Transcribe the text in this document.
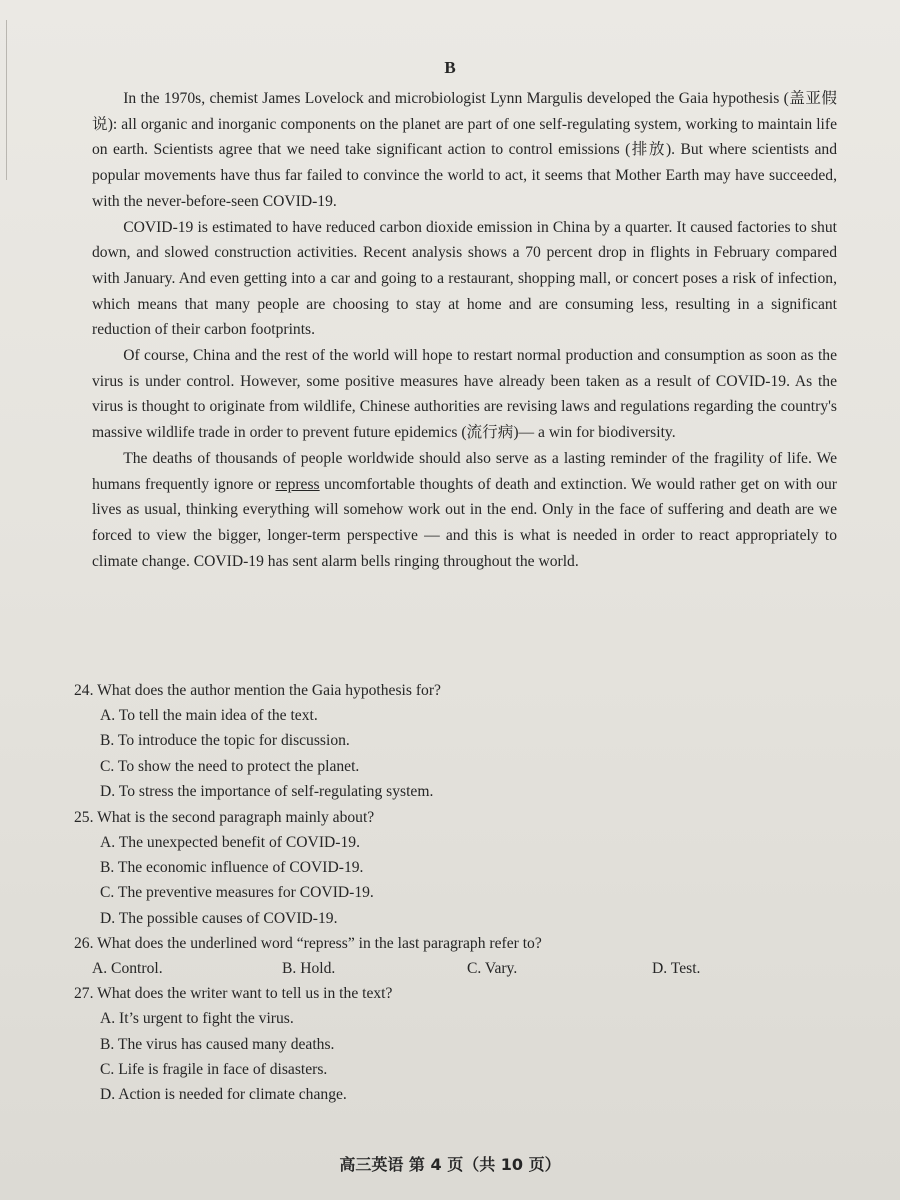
B

In the 1970s, chemist James Lovelock and microbiologist Lynn Margulis developed the Gaia hypothesis (盖亚假说): all organic and inorganic components on the planet are part of one self-regulating system, working to maintain life on earth. Scientists agree that we need take significant action to control emissions (排放). But where scientists and popular movements have thus far failed to convince the world to act, it seems that Mother Earth may have succeeded, with the never-before-seen COVID-19.

COVID-19 is estimated to have reduced carbon dioxide emission in China by a quarter. It caused factories to shut down, and slowed construction activities. Recent analysis shows a 70 percent drop in flights in February compared with January. And even getting into a car and going to a restaurant, shopping mall, or concert poses a risk of infection, which means that many people are choosing to stay at home and are consuming less, resulting in a significant reduction of their carbon footprints.

Of course, China and the rest of the world will hope to restart normal production and consumption as soon as the virus is under control. However, some positive measures have already been taken as a result of COVID-19. As the virus is thought to originate from wildlife, Chinese authorities are revising laws and regulations regarding the country's massive wildlife trade in order to prevent future epidemics (流行病)— a win for biodiversity.

The deaths of thousands of people worldwide should also serve as a lasting reminder of the fragility of life. We humans frequently ignore or repress uncomfortable thoughts of death and extinction. We would rather get on with our lives as usual, thinking everything will somehow work out in the end. Only in the face of suffering and death are we forced to view the bigger, longer-term perspective — and this is what is needed in order to react appropriately to climate change. COVID-19 has sent alarm bells ringing throughout the world.

24. What does the author mention the Gaia hypothesis for?

A. To tell the main idea of the text.

B. To introduce the topic for discussion.

C. To show the need to protect the planet.

D. To stress the importance of self-regulating system.

25. What is the second paragraph mainly about?

A. The unexpected benefit of COVID-19.

B. The economic influence of COVID-19.

C. The preventive measures for COVID-19.

D. The possible causes of COVID-19.

26. What does the underlined word “repress” in the last paragraph refer to?

A. Control.	B. Hold.	C. Vary.	D. Test.

27. What does the writer want to tell us in the text?

A. It’s urgent to fight the virus.

B. The virus has caused many deaths.

C. Life is fragile in face of disasters.

D. Action is needed for climate change.

高三英语 第 4 页（共 10 页）
